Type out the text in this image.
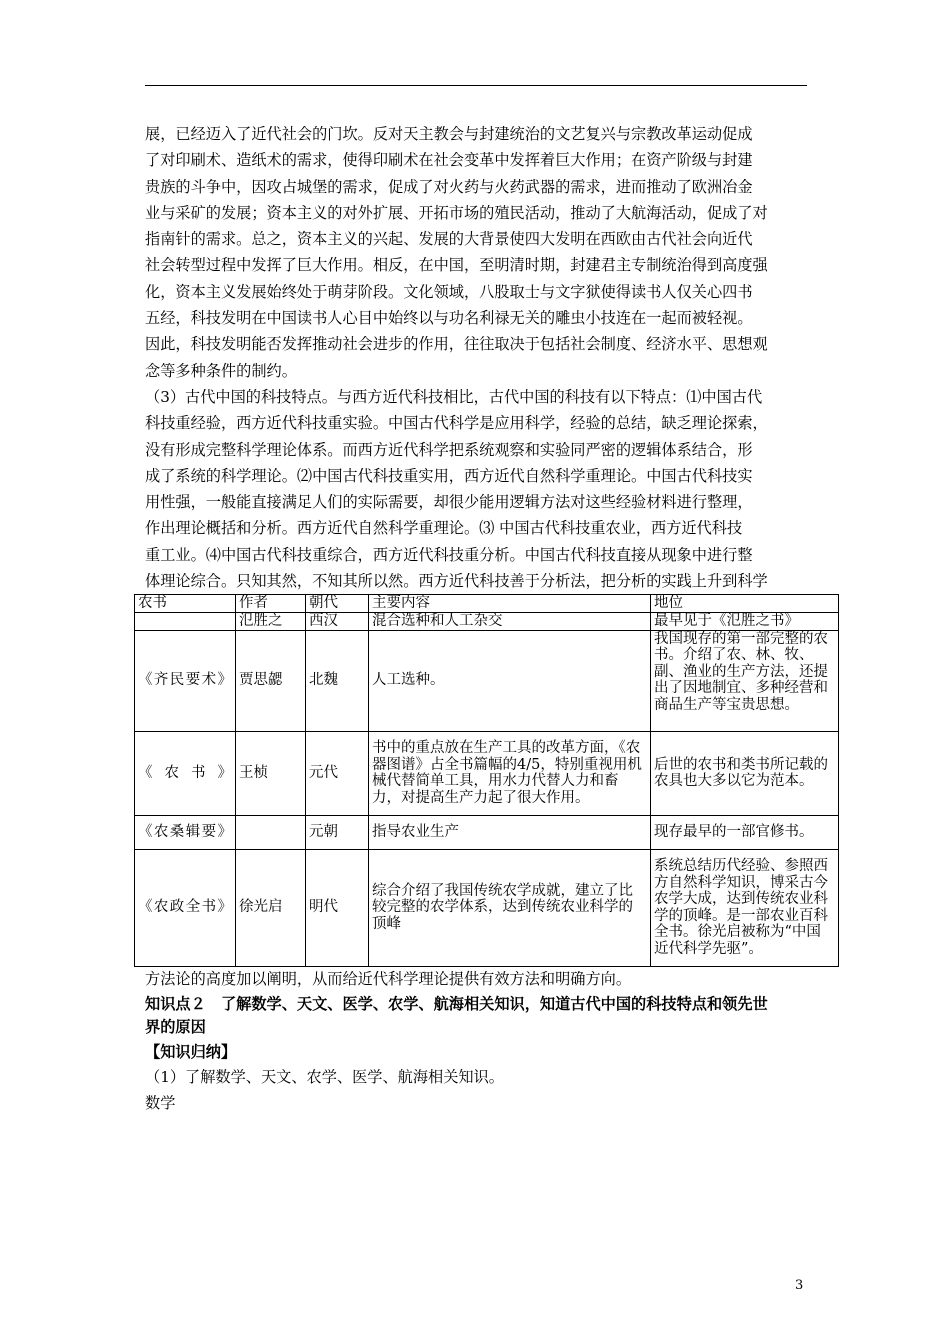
展，已经迈入了近代社会的门坎。反对天主教会与封建统治的文艺复兴与宗教改革运动促成
了对印刷术、造纸术的需求，使得印刷术在社会变革中发挥着巨大作用；在资产阶级与封建
贵族的斗争中，因攻占城堡的需求，促成了对火药与火药武器的需求，进而推动了欧洲冶金
业与采矿的发展；资本主义的对外扩展、开拓市场的殖民活动，推动了大航海活动，促成了对
指南针的需求。总之，资本主义的兴起、发展的大背景使四大发明在西欧由古代社会向近代
社会转型过程中发挥了巨大作用。相反，在中国，至明清时期，封建君主专制统治得到高度强
化，资本主义发展始终处于萌芽阶段。文化领域，八股取士与文字狱使得读书人仅关心四书
五经，科技发明在中国读书人心目中始终以与功名利禄无关的雕虫小技连在一起而被轻视。
因此，科技发明能否发挥推动社会进步的作用，往往取决于包括社会制度、经济水平、思想观
念等多种条件的制约。
（3）古代中国的科技特点。与西方近代科技相比，古代中国的科技有以下特点：⑴中国古代
科技重经验，西方近代科技重实验。中国古代科学是应用科学，经验的总结，缺乏理论探索，
没有形成完整科学理论体系。而西方近代科学把系统观察和实验同严密的逻辑体系结合，形
成了系统的科学理论。⑵中国古代科技重实用，西方近代自然科学重理论。中国古代科技实
用性强，一般能直接满足人们的实际需要，却很少能用逻辑方法对这些经验材料进行整理，
作出理论概括和分析。西方近代自然科学重理论。⑶ 中国古代科技重农业，西方近代科技
重工业。⑷中国古代科技重综合，西方近代科技重分析。中国古代科技直接从现象中进行整
体理论综合。只知其然，不知其所以然。西方近代科技善于分析法，把分析的实践上升到科学
农书	作者	朝代	主要内容	地位
	氾胜之	西汉	混合选种和人工杂交	最早见于《氾胜之书》
《齐民要术》	贾思勰	北魏	人工选种。	我国现存的第一部完整的农书。介绍了农、林、牧、副、渔业的生产方法，还提出了因地制宜、多种经营和商品生产等宝贵思想。
《农书》	王桢	元代	书中的重点放在生产工具的改革方面，《农器图谱》占全书篇幅的4/5，特别重视用机械代替简单工具，用水力代替人力和畜力，对提高生产力起了很大作用。	后世的农书和类书所记载的农具也大多以它为范本。
《农桑辑要》		元朝	指导农业生产	现存最早的一部官修书。
《农政全书》	徐光启	明代	综合介绍了我国传统农学成就，建立了比较完整的农学体系，达到传统农业科学的顶峰	系统总结历代经验、参照西方自然科学知识，博采古今农学大成，达到传统农业科学的顶峰。是一部农业百科全书。徐光启被称为“中国近代科学先驱”。

方法论的高度加以阐明，从而给近代科学理论提供有效方法和明确方向。

知识点２　了解数学、天文、医学、农学、航海相关知识，知道古代中国的科技特点和领先世

界的原因

【知识归纳】

（1）了解数学、天文、农学、医学、航海相关知识。

数学

3
